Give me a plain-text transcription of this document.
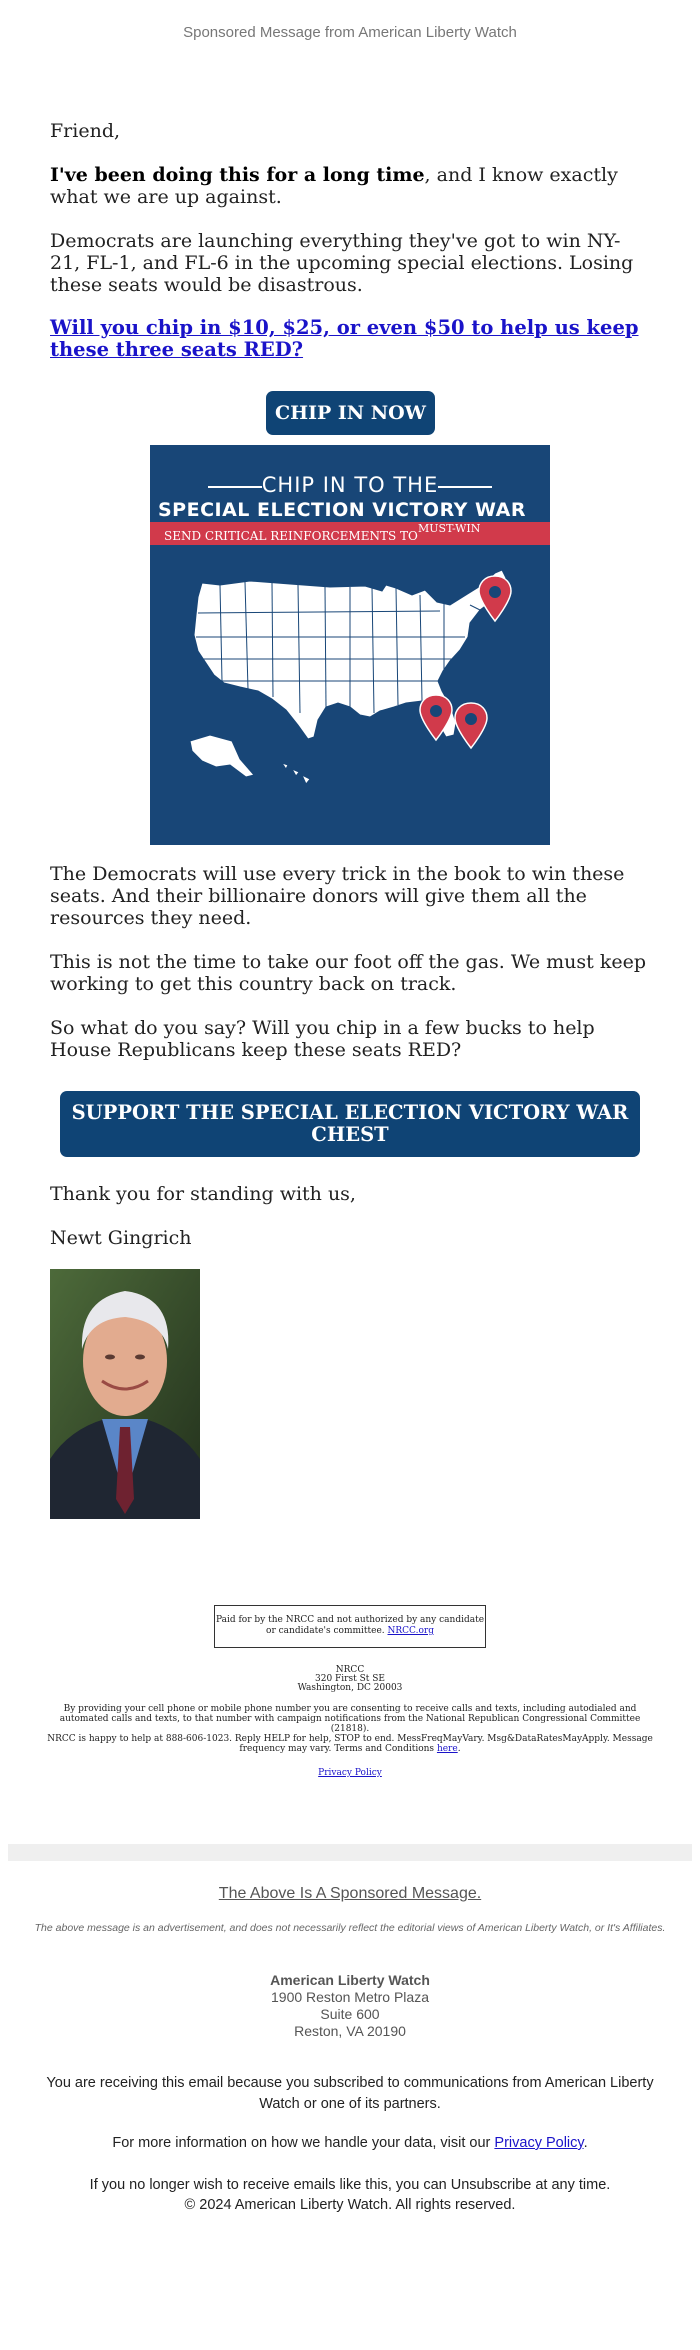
Sponsored Message from American Liberty Watch
Friend,
I've been doing this for a long time, and I know exactly what we are up against.
Democrats are launching everything they've got to win NY-21, FL-1, and FL-6 in the upcoming special elections. Losing these seats would be disastrous.
Will you chip in $10, $25, or even $50 to help us keep these three seats RED?
CHIP IN NOW
CHIP IN TO THE
SPECIAL ELECTION VICTORY WAR
SEND CRITICAL REINFORCEMENTS TO
MUST-WIN
The Democrats will use every trick in the book to win these seats. And their billionaire donors will give them all the resources they need.
This is not the time to take our foot off the gas. We must keep working to get this country back on track.
So what do you say? Will you chip in a few bucks to help House Republicans keep these seats RED?
SUPPORT THE SPECIAL ELECTION VICTORY WAR CHEST
Thank you for standing with us,
Newt Gingrich
Paid for by the NRCC and not authorized by any candidate or candidate's committee. NRCC.org
NRCC
320 First St SE
Washington, DC 20003
By providing your cell phone or mobile phone number you are consenting to receive calls and texts, including autodialed and automated calls and texts, to that number with campaign notifications from the National Republican Congressional Committee (21818).
NRCC is happy to help at 888-606-1023. Reply HELP for help, STOP to end. MessFreqMayVary. Msg&DataRatesMayApply. Message frequency may vary. Terms and Conditions here.
Privacy Policy
The Above Is A Sponsored Message.
The above message is an advertisement, and does not necessarily reflect the editorial views of American Liberty Watch, or It's Affiliates.
American Liberty Watch
1900 Reston Metro Plaza
Suite 600
Reston, VA 20190
You are receiving this email because you subscribed to communications from American Liberty Watch or one of its partners.
For more information on how we handle your data, visit our Privacy Policy.
If you no longer wish to receive emails like this, you can Unsubscribe at any time.
© 2024 American Liberty Watch. All rights reserved.
